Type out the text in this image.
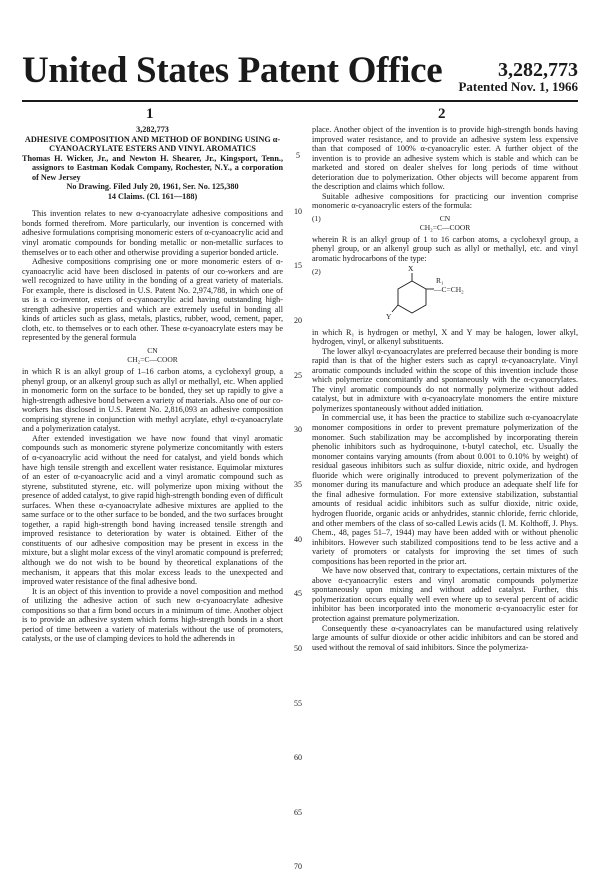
United States Patent Office	3,282,773
Patented Nov. 1, 1966
1	2

3,282,773

ADHESIVE COMPOSITION AND METHOD OF BONDING USING α-CYANOACRYLATE ESTERS AND VINYL AROMATICS

Thomas H. Wicker, Jr., and Newton H. Shearer, Jr., Kingsport, Tenn., assignors to Eastman Kodak Company, Rochester, N.Y., a corporation of New Jersey

No Drawing. Filed July 20, 1961, Ser. No. 125,380

14 Claims. (Cl. 161—188)

This invention relates to new α-cyanoacrylate adhesive compositions and bonds formed therefrom. More particularly, our invention is concerned with adhesive formulations comprising monomeric esters of α-cyanoacrylic acid and vinyl aromatic compounds for bonding metallic or non-metallic surfaces to themselves or to each other and otherwise providing a superior bonded article.

Adhesive compositions comprising one or more monomeric esters of α-cyanoacrylic acid have been disclosed in patents of our co-workers and are well recognized to have utility in the bonding of a great variety of materials. For example, there is disclosed in U.S. Patent No. 2,974,788, in which one of us is a co-inventor, esters of α-cyanoacrylic acid having outstanding high-strength adhesive properties and which are extremely useful in bonding all kinds of articles such as glass, metals, plastics, rubber, wood, cement, paper, cloth, etc. to themselves or to each other. These α-cyanoacrylate esters may be represented by the general formula

CN
CH₂=C—COOR

in which R is an alkyl group of 1–16 carbon atoms, a cyclohexyl group, a phenyl group, or an alkenyl group such as allyl or methallyl, etc. When applied in monomeric form on the surface to be bonded, they set up rapidly to give a high-strength adhesive bond between a variety of materials. Also one of our co-workers has disclosed in U.S. Patent No. 2,816,093 an adhesive composition comprising styrene in conjunction with methyl acrylate, ethyl α-cyanoacrylate and a polymerization catalyst.

After extended investigation we have now found that vinyl aromatic compounds such as monomeric styrene polymerize concomitantly with esters of α-cyanoacrylic acid without the need for catalyst, and yield bonds which have high tensile strength and excellent water resistance. Equimolar mixtures of an ester of α-cyanoacrylic acid and a vinyl aromatic compound such as styrene, substituted styrene, etc. will polymerize upon mixing without the presence of added catalyst, to give rapid high-strength bonding even of difficult surfaces. When these α-cyanoacrylate adhesive mixtures are applied to the same surface or to the other surface to be bonded, and the two surfaces brought together, a rapid high-strength bond having increased tensile strength and improved resistance to deterioration by water is obtained. Either of the constituents of our adhesive composition may be present in excess in the mixture, but a slight molar excess of the vinyl aromatic compound is preferred; although we do not wish to be bound by theoretical explanations of the mechanism, it appears that this molar excess leads to the unexpected and improved water resistance of the final adhesive bond.

It is an object of this invention to provide a novel composition and method of utilizing the adhesive action of such new α-cyanoacrylate adhesive compositions so that a firm bond occurs in a minimum of time. Another object is to provide an adhesive system which forms high-strength bonds in a short period of time between a variety of materials without the use of promoters, catalysts, or the use of clamping devices to hold the adherends in

5
10
15
20
25
30
35
40
45
50
55
60
65
70

place. Another object of the invention is to provide high-strength bonds having improved water resistance, and to provide an adhesive system less expensive than that composed of 100% α-cyanoacrylic ester. A further object of the invention is to provide an adhesive system which is stable and which can be marketed and stored on dealer shelves for long periods of time without deterioration due to polymerization. Other objects will become apparent from the description and claims which follow.

Suitable adhesive compositions for practicing our invention comprise monomeric α-cyanoacrylic esters of the formula:

(1)	CN
CH₂=C—COOR

wherein R is an alkyl group of 1 to 16 carbon atoms, a cyclohexyl group, a phenyl group, or an alkenyl group such as allyl or methallyl, etc. and vinyl aromatic hydrocarbons of the type:

(2)	X
R₁
—C=CH₂
Y

in which R₁ is hydrogen or methyl, X and Y may be halogen, lower alkyl, hydrogen, vinyl, or alkenyl substituents.

The lower alkyl α-cyanoacrylates are preferred because their bonding is more rapid than is that of the higher esters such as capryl α-cyanoacrylate. Vinyl aromatic compounds included within the scope of this invention include those which polymerize concomitantly and spontaneously with the α-cyanocrylates. The vinyl aromatic compounds do not normally polymerize without added catalyst, but in admixture with α-cyanoacrylate monomers the entire mixture polymerizes spontaneously without added initiation.

In commercial use, it has been the practice to stabilize such α-cyanoacrylate monomer compositions in order to prevent premature polymerization of the monomer. Such stabilization may be accomplished by incorporating therein phenolic inhibitors such as hydroquinone, t-butyl catechol, etc. Usually the monomer contains varying amounts (from about 0.001 to 0.10% by weight) of residual gaseous inhibitors such as sulfur dioxide, nitric oxide, and hydrogen fluoride which were originally introduced to prevent polymerization of the monomer during its manufacture and which produce an adequate shelf life for the final adhesive formulation. For more extensive stabilization, substantial amounts of residual acidic inhibitors such as sulfur dioxide, nitric oxide, hydrogen fluoride, organic acids or anhydrides, stannic chloride, ferric chloride, and other members of the class of so-called Lewis acids (I. M. Kolthoff, J. Phys. Chem., 48, pages 51–7, 1944) may have been added with or without phenolic inhibitors. However such stabilized compositions tend to be less active and a variety of promoters or catalysts for improving the set times of such compositions has been reported in the prior art.

We have now observed that, contrary to expectations, certain mixtures of the above α-cyanoacrylic esters and vinyl aromatic compounds polymerize spontaneously upon mixing and without added catalyst. Further, this polymerization occurs equally well even where up to several percent of acidic inhibitor has been incorporated into the monomeric α-cyanoacrylic ester for protection against premature polymerization.

Consequently these α-cyanoacrylates can be manufactured using relatively large amounts of sulfur dioxide or other acidic inhibitors and can be stored and used without the removal of said inhibitors. Since the polymeriza-
